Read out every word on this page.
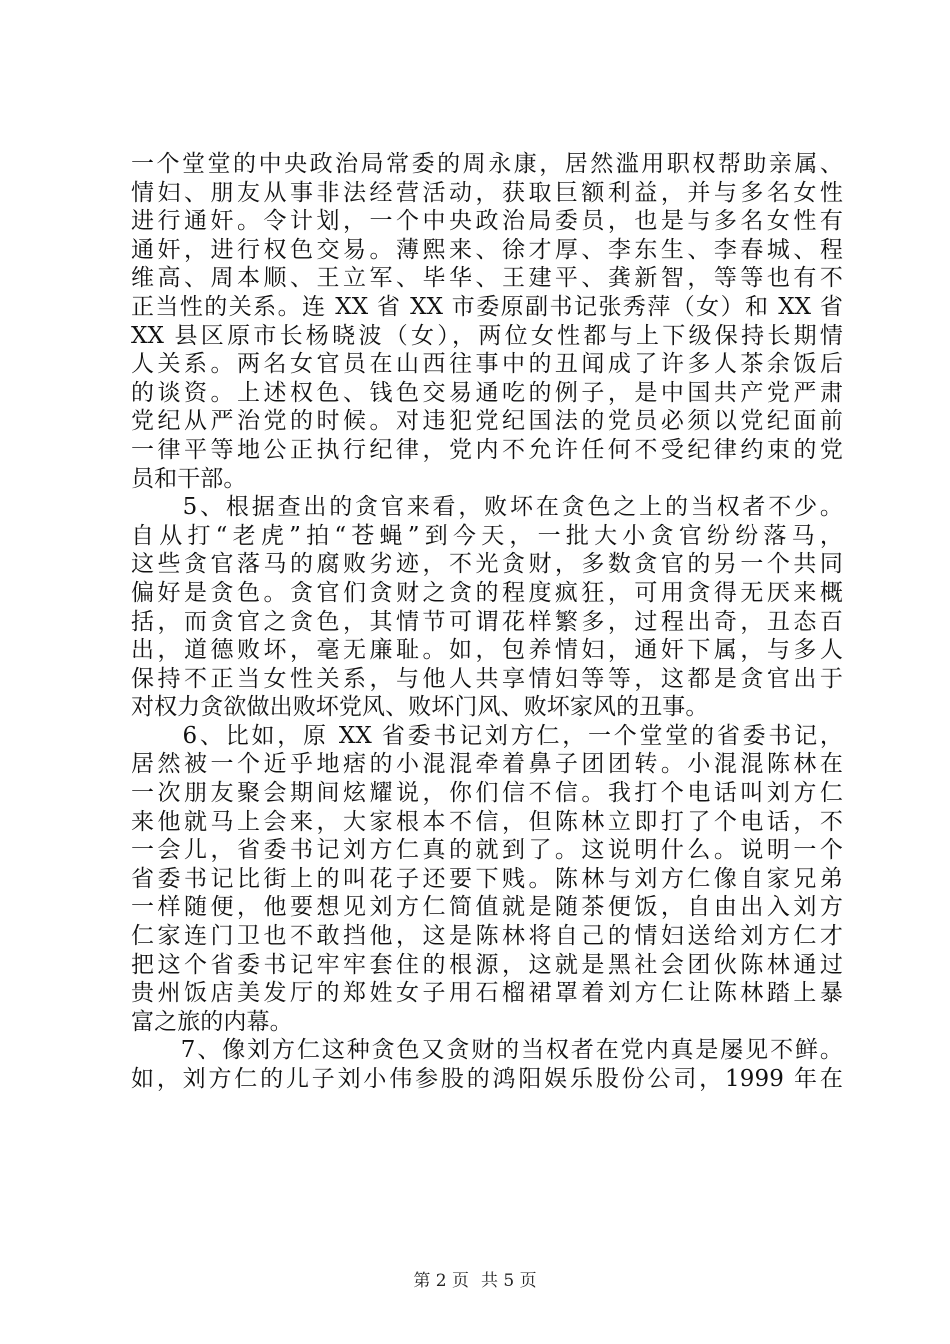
一个堂堂的中央政治局常委的周永康，居然滥用职权帮助亲属、
情妇、朋友从事非法经营活动，获取巨额利益，并与多名女性
进行通奸。令计划，一个中央政治局委员，也是与多名女性有
通奸，进行权色交易。薄熙来、徐才厚、李东生、李春城、程
维高、周本顺、王立军、毕华、王建平、龚新智，等等也有不
正当性的关系。连 XX 省 XX 市委原副书记张秀萍（女）和 XX 省
XX 县区原市长杨晓波（女），两位女性都与上下级保持长期情
人关系。两名女官员在山西往事中的丑闻成了许多人茶余饭后
的谈资。上述权色、钱色交易通吃的例子，是中国共产党严肃
党纪从严治党的时候。对违犯党纪国法的党员必须以党纪面前
一律平等地公正执行纪律，党内不允许任何不受纪律约束的党
员和干部。
　　5、根据查出的贪官来看，败坏在贪色之上的当权者不少。
自从打“老虎”拍“苍蝇”到今天，一批大小贪官纷纷落马，
这些贪官落马的腐败劣迹，不光贪财，多数贪官的另一个共同
偏好是贪色。贪官们贪财之贪的程度疯狂，可用贪得无厌来概
括，而贪官之贪色，其情节可谓花样繁多，过程出奇，丑态百
出，道德败坏，毫无廉耻。如，包养情妇，通奸下属，与多人
保持不正当女性关系，与他人共享情妇等等，这都是贪官出于
对权力贪欲做出败坏党风、败坏门风、败坏家风的丑事。
　　6、比如，原 XX 省委书记刘方仁，一个堂堂的省委书记，
居然被一个近乎地痞的小混混牵着鼻子团团转。小混混陈林在
一次朋友聚会期间炫耀说，你们信不信。我打个电话叫刘方仁
来他就马上会来，大家根本不信，但陈林立即打了个电话，不
一会儿，省委书记刘方仁真的就到了。这说明什么。说明一个
省委书记比街上的叫花子还要下贱。陈林与刘方仁像自家兄弟
一样随便，他要想见刘方仁简值就是随茶便饭，自由出入刘方
仁家连门卫也不敢挡他，这是陈林将自己的情妇送给刘方仁才
把这个省委书记牢牢套住的根源，这就是黑社会团伙陈林通过
贵州饭店美发厅的郑姓女子用石榴裙罩着刘方仁让陈林踏上暴
富之旅的内幕。
　　7、像刘方仁这种贪色又贪财的当权者在党内真是屡见不鲜。
如，刘方仁的儿子刘小伟参股的鸿阳娱乐股份公司，1999 年在
第 2 页 共 5 页
